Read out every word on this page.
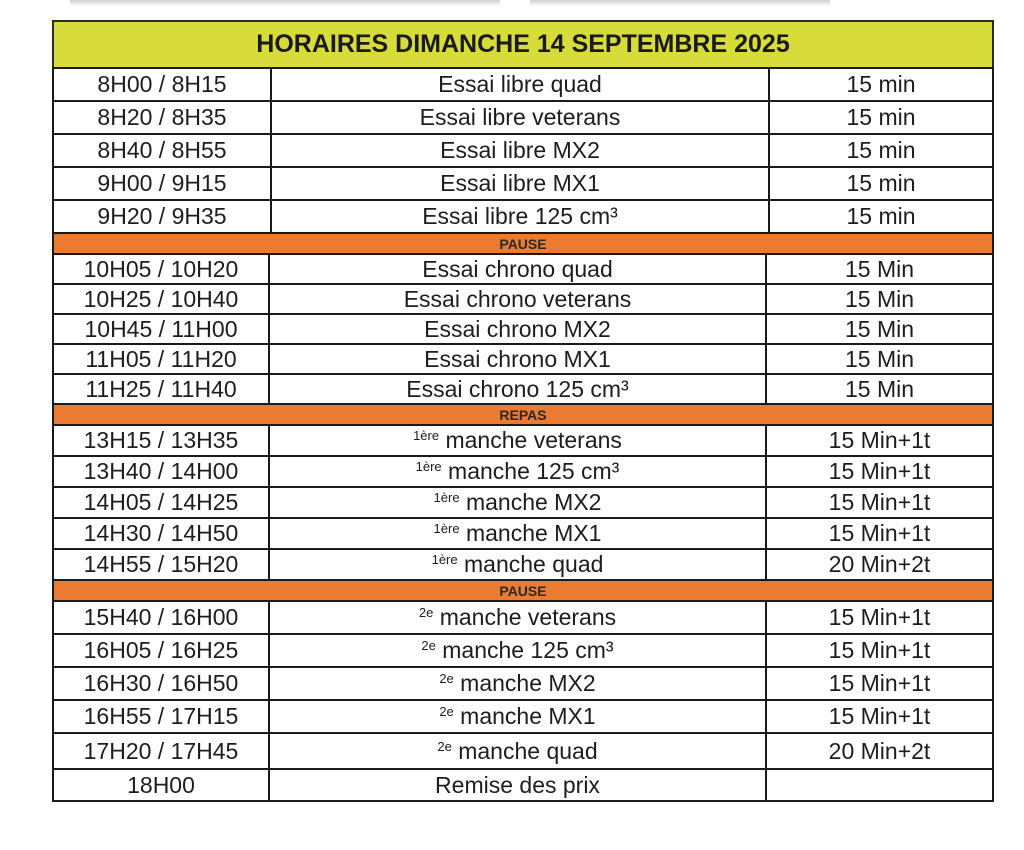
HORAIRES DIMANCHE 14 SEPTEMBRE 2025
8H00 / 8H15	Essai libre quad	15 min
8H20 / 8H35	Essai libre veterans	15 min
8H40 / 8H55	Essai libre MX2	15 min
9H00 / 9H15	Essai libre MX1	15 min
9H20 / 9H35	Essai libre 125 cm³	15 min
PAUSE
10H05 / 10H20	Essai chrono quad	15 Min
10H25 / 10H40	Essai chrono veterans	15 Min
10H45 / 11H00	Essai chrono MX2	15 Min
11H05 / 11H20	Essai chrono MX1	15 Min
11H25 / 11H40	Essai chrono 125 cm³	15 Min
REPAS
13H15 / 13H35	$^{1ère}$ manche veterans	15 Min+1t
13H40 / 14H00	$^{1ère}$ manche 125 cm³	15 Min+1t
14H05 / 14H25	$^{1ère}$ manche MX2	15 Min+1t
14H30 / 14H50	$^{1ère}$ manche MX1	15 Min+1t
14H55 / 15H20	$^{1ère}$ manche quad	20 Min+2t
PAUSE
15H40 / 16H00	$^{2e}$ manche veterans	15 Min+1t
16H05 / 16H25	$^{2e}$ manche 125 cm³	15 Min+1t
16H30 / 16H50	$^{2e}$ manche MX2	15 Min+1t
16H55 / 17H15	$^{2e}$ manche MX1	15 Min+1t
17H20 / 17H45	$^{2e}$ manche quad	20 Min+2t
18H00	Remise des prix
